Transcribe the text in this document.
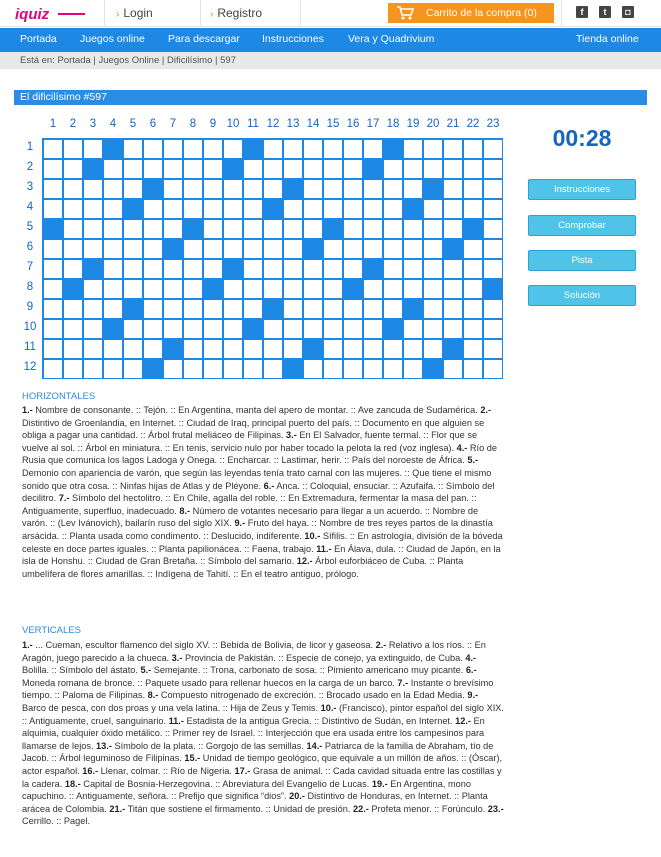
iquiz	› Login	› Registro	Carrito de la compra (0)	f	t	◘
Portada Juegos online Para descargar Instrucciones Vera y Quadrivium	Tienda online
Está en: Portada | Juegos Online | Dificilísimo | 597
El dificilísimo #597
1	2	3	4	5	6	7	8	9 10 11 12 13 14 15 16 17 18 19 20 21 22 23
1
2
3
4
5
6
7
8
9
10
11
12
00:28
Instrucciones
Comprobar
Pista
Solución
HORIZONTALES
1.- Nombre de consonante. :: Tejón. :: En Argentina, manta del apero de montar. :: Ave zancuda de Sudamérica. 2.- Distintivo de Groenlandia, en Internet. :: Ciudad de Iraq, principal puerto del país. :: Documento en que alguien se obliga a pagar una cantidad. :: Árbol frutal meliáceo de Filipinas. 3.- En El Salvador, fuente termal. :: Flor que se vuelve al sol. :: Árbol en miniatura. :: En tenis, servicio nulo por haber tocado la pelota la red (voz inglesa). 4.- Río de Rusia que comunica los lagos Ladoga y Onega. :: Encharcar. :: Lastimar, herir. :: País del noroeste de África. 5.- Demonio con apariencia de varón, que según las leyendas tenía trato carnal con las mujeres. :: Que tiene el mismo sonido que otra cosa. :: Ninfas hijas de Atlas y de Pléyone. 6.- Anca. :: Coloquial, ensuciar. :: Azufaifa. :: Símbolo del decilitro. 7.- Símbolo del hectolitro. :: En Chile, agalla del roble. :: En Extremadura, fermentar la masa del pan. :: Antiguamente, superfluo, inadecuado. 8.- Número de votantes necesario para llegar a un acuerdo. :: Nombre de varón. :: (Lev Ivánovich), bailarín ruso del siglo XIX. 9.- Fruto del haya. :: Nombre de tres reyes partos de la dinastía arsácida. :: Planta usada como condimento. :: Deslucido, indiferente. 10.- Sífilis. :: En astrología, división de la bóveda celeste en doce partes iguales. :: Planta papilionácea. :: Faena, trabajo. 11.- En Álava, dula. :: Ciudad de Japón, en la isla de Honshu. :: Ciudad de Gran Bretaña. :: Símbolo del samario. 12.- Árbol euforbiáceo de Cuba. :: Planta umbelífera de flores amarillas. :: Indígena de Tahití. :: En el teatro antiguo, prólogo.
VERTICALES
1.- ... Cueman, escultor flamenco del siglo XV. :: Bebida de Bolivia, de licor y gaseosa. 2.- Relativo a los ríos. :: En Aragón, juego parecido a la chueca. 3.- Provincia de Pakistán. :: Especie de conejo, ya extinguido, de Cuba. 4.- Bolilla. :: Símbolo del ástato. 5.- Semejante. :: Trona, carbonato de sosa. :: Pimiento americano muy picante. 6.- Moneda romana de bronce. :: Paquete usado para rellenar huecos en la carga de un barco. 7.- Instante o brevísimo tiempo. :: Paloma de Filipinas. 8.- Compuesto nitrogenado de excreción. :: Brocado usado en la Edad Media. 9.- Barco de pesca, con dos proas y una vela latina. :: Hija de Zeus y Temis. 10.- (Francisco), pintor español del siglo XIX. :: Antiguamente, cruel, sanguinario. 11.- Estadista de la antigua Grecia. :: Distintivo de Sudán, en Internet. 12.- En alquimia, cualquier óxido metálico. :: Primer rey de Israel. :: Interjección que era usada entre los campesinos para llamarse de lejos. 13.- Símbolo de la plata. :: Gorgojo de las semillas. 14.- Patriarca de la familia de Abraham, tío de Jacob. :: Árbol leguminoso de Filipinas. 15.- Unidad de tiempo geológico, que equivale a un millón de años. :: (Óscar), actor español. 16.- Llenar, colmar. :: Río de Nigeria. 17.- Grasa de animal. :: Cada cavidad situada entre las costillas y la cadera. 18.- Capital de Bosnia-Herzegovina. :: Abreviatura del Evangelio de Lucas. 19.- En Argentina, mono capuchino. :: Antiguamente, señora. :: Prefijo que significa “dios”. 20.- Distintivo de Honduras, en Internet. :: Planta arácea de Colombia. 21.- Titán que sostiene el firmamento. :: Unidad de presión. 22.- Profeta menor. :: Forúnculo. 23.- Cerrillo. :: Pagel.
